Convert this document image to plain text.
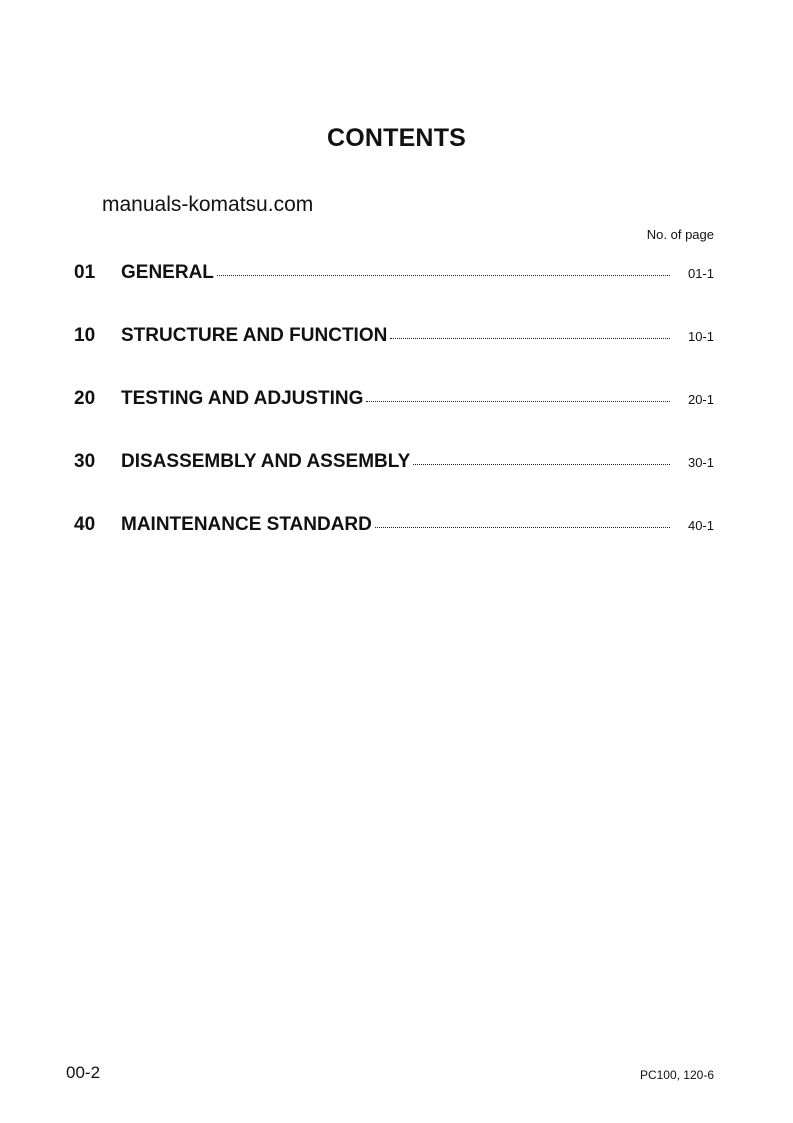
CONTENTS
manuals-komatsu.com
No. of page
01	GENERAL	01-1
10	STRUCTURE AND FUNCTION	10-1
20	TESTING AND ADJUSTING	20-1
30	DISASSEMBLY AND ASSEMBLY	30-1
40	MAINTENANCE STANDARD	40-1
00-2	PC100, 120-6
